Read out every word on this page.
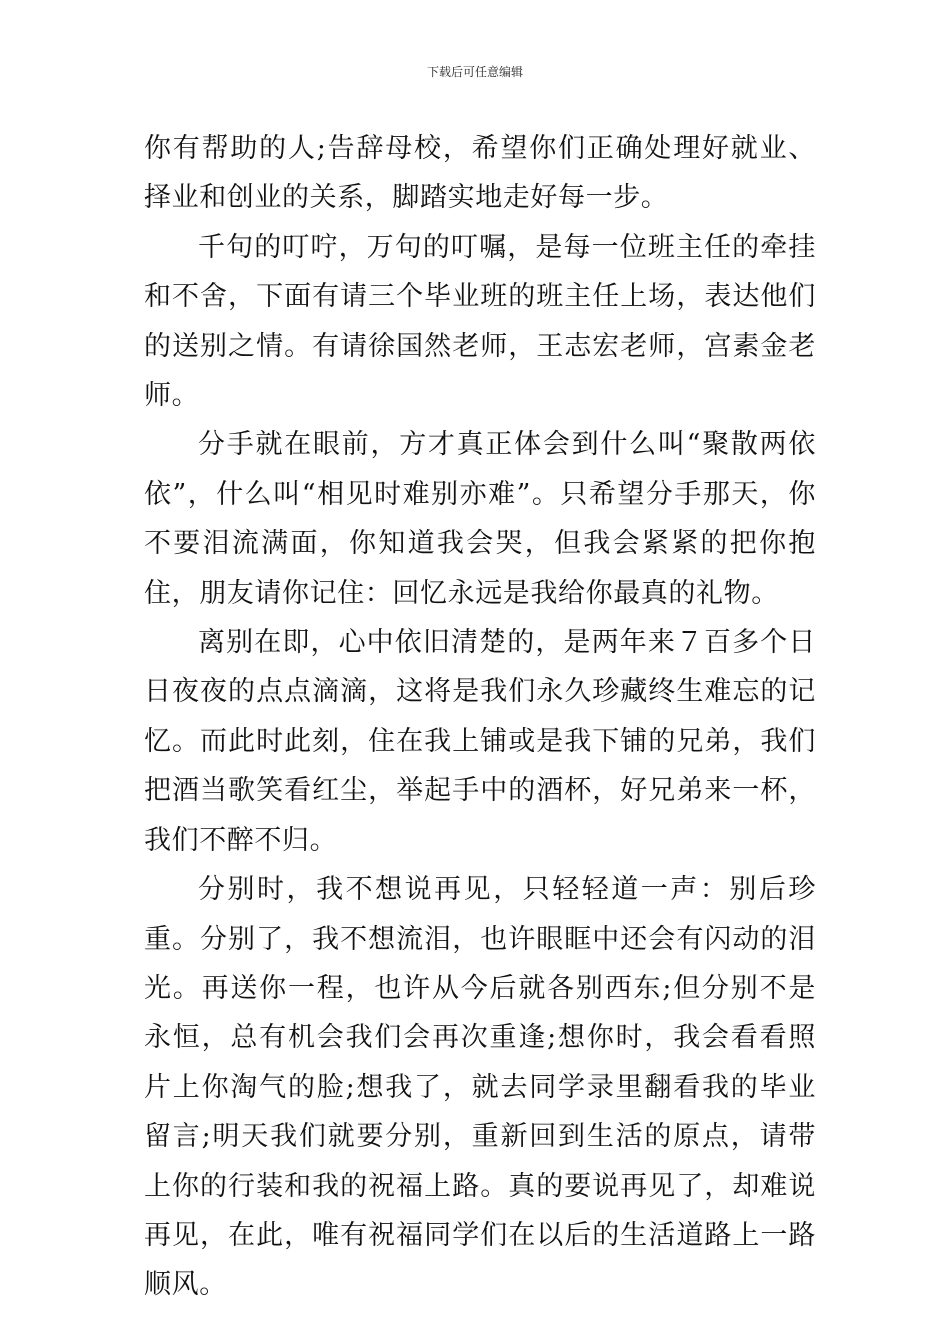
下载后可任意编辑

你有帮助的人;告辞母校，希望你们正确处理好就业、择业和创业的关系，脚踏实地走好每一步。

千句的叮咛，万句的叮嘱，是每一位班主任的牵挂和不舍，下面有请三个毕业班的班主任上场，表达他们的送别之情。有请徐国然老师，王志宏老师，宫素金老师。

分手就在眼前，方才真正体会到什么叫“聚散两依依”，什么叫“相见时难别亦难”。只希望分手那天，你不要泪流满面，你知道我会哭，但我会紧紧的把你抱住，朋友请你记住：回忆永远是我给你最真的礼物。

离别在即，心中依旧清楚的，是两年来７百多个日日夜夜的点点滴滴，这将是我们永久珍藏终生难忘的记忆。而此时此刻，住在我上铺或是我下铺的兄弟，我们把酒当歌笑看红尘，举起手中的酒杯，好兄弟来一杯，我们不醉不归。

分别时，我不想说再见，只轻轻道一声：别后珍重。分别了，我不想流泪，也许眼眶中还会有闪动的泪光。再送你一程，也许从今后就各别西东;但分别不是永恒，总有机会我们会再次重逢;想你时，我会看看照片上你淘气的脸;想我了，就去同学录里翻看我的毕业留言;明天我们就要分别，重新回到生活的原点，请带上你的行装和我的祝福上路。真的要说再见了，却难说再见，在此，唯有祝福同学们在以后的生活道路上一路顺风。
